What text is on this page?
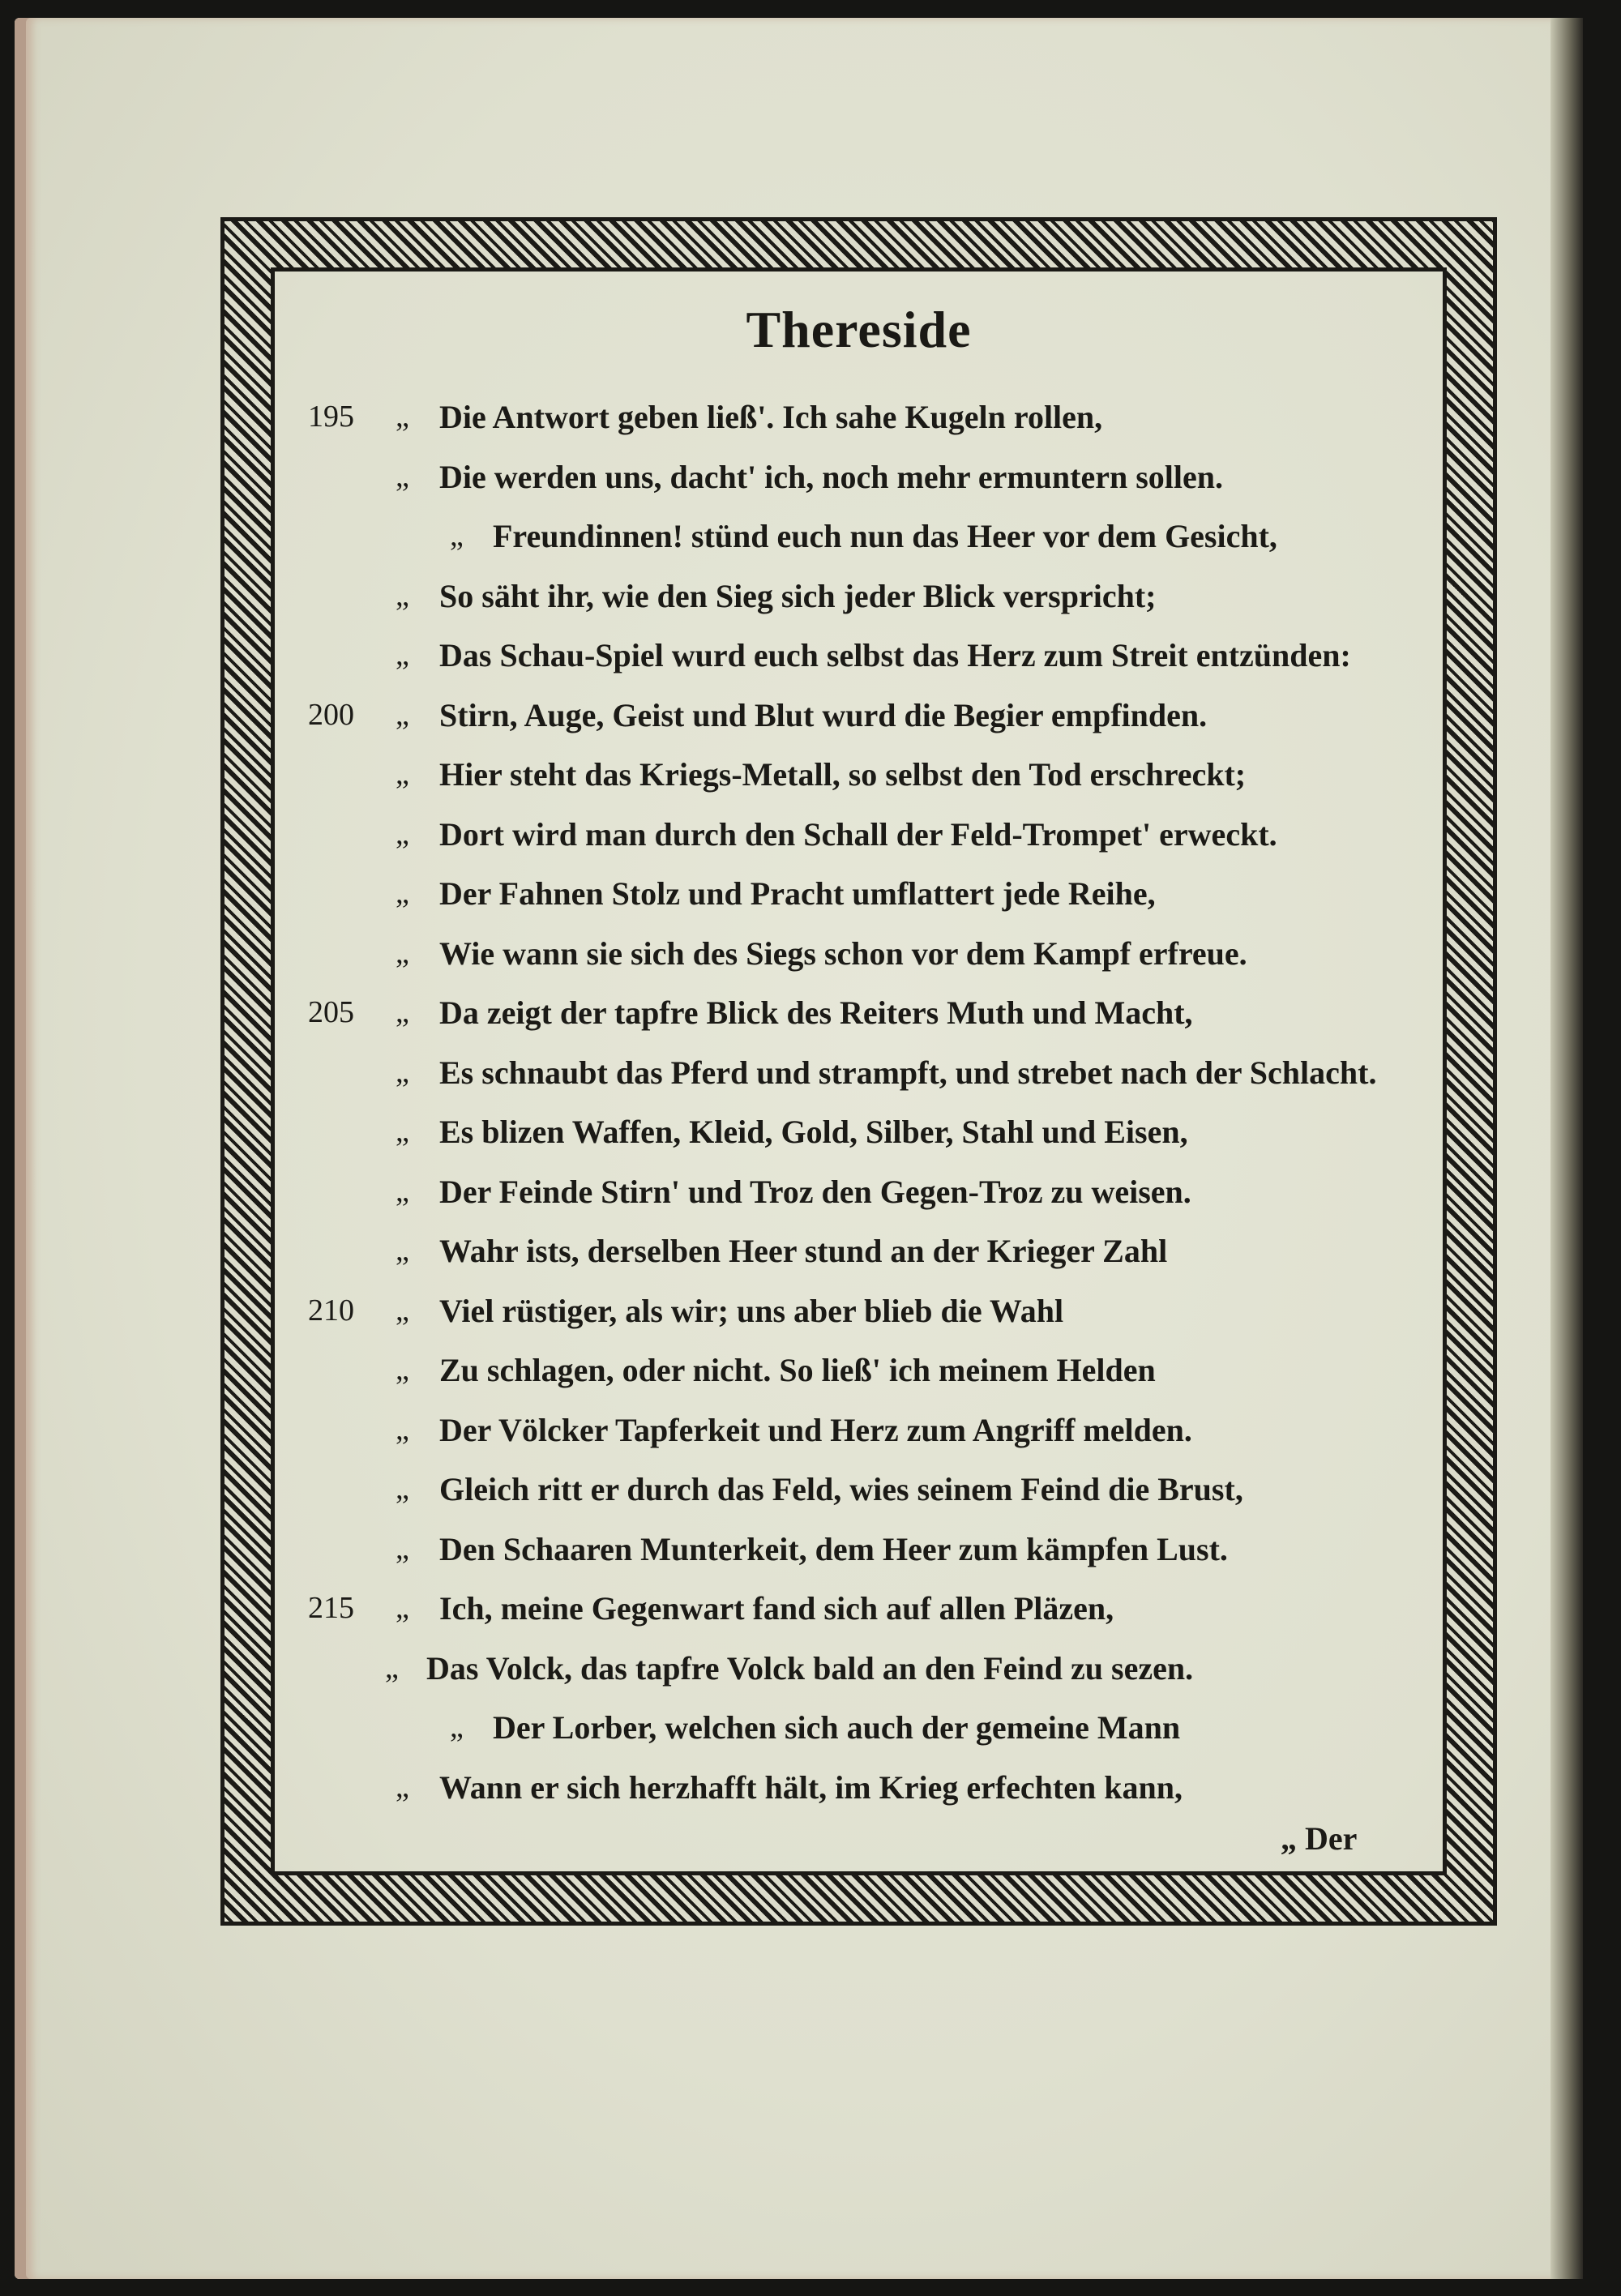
Thereside
195	„ Die Antwort geben ließ'. Ich sahe Kugeln rollen,
„ Die werden uns, dacht' ich, noch mehr ermuntern sollen.
„ Freundinnen! stünd euch nun das Heer vor dem Gesicht,
„ So säht ihr, wie den Sieg sich jeder Blick verspricht;
„ Das Schau-Spiel wurd euch selbst das Herz zum Streit entzünden:
200	„ Stirn, Auge, Geist und Blut wurd die Begier empfinden.
„ Hier steht das Kriegs-Metall, so selbst den Tod erschreckt;
„ Dort wird man durch den Schall der Feld-Trompet' erweckt.
„ Der Fahnen Stolz und Pracht umflattert jede Reihe,
„ Wie wann sie sich des Siegs schon vor dem Kampf erfreue.
205	„ Da zeigt der tapfre Blick des Reiters Muth und Macht,
„ Es schnaubt das Pferd und strampft, und strebet nach der Schlacht.
„ Es blizen Waffen, Kleid, Gold, Silber, Stahl und Eisen,
„ Der Feinde Stirn' und Troz den Gegen-Troz zu weisen.
„ Wahr ists, derselben Heer stund an der Krieger Zahl
210	„ Viel rüstiger, als wir; uns aber blieb die Wahl
„ Zu schlagen, oder nicht. So ließ' ich meinem Helden
„ Der Völcker Tapferkeit und Herz zum Angriff melden.
„ Gleich ritt er durch das Feld, wies seinem Feind die Brust,
„ Den Schaaren Munterkeit, dem Heer zum kämpfen Lust.
215	„ Ich, meine Gegenwart fand sich auf allen Pläzen,
„ Das Volck, das tapfre Volck bald an den Feind zu sezen.
„ Der Lorber, welchen sich auch der gemeine Mann
„ Wann er sich herzhafft hält, im Krieg erfechten kann,
„ Der
